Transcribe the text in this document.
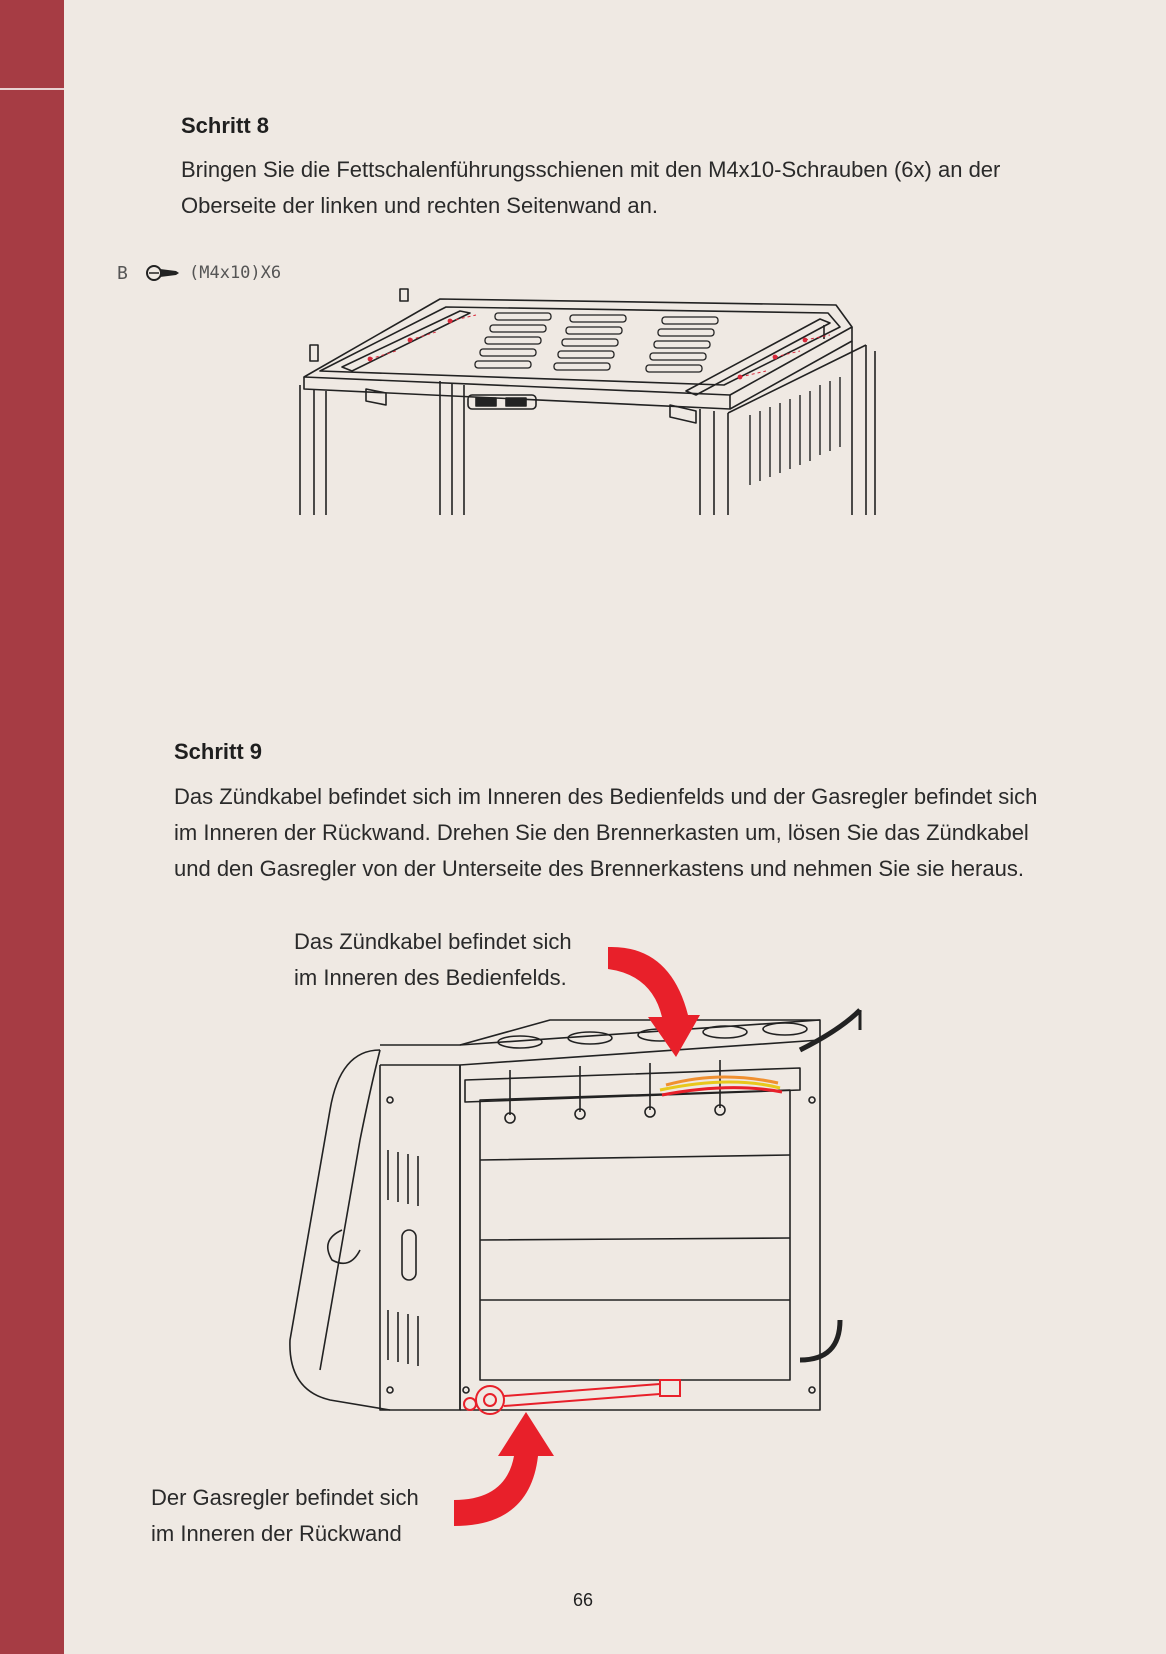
Schritt 8
Bringen Sie die Fettschalenführungsschienen mit den M4x10-Schrauben (6x) an der
Oberseite der linken und rechten Seitenwand an.
B	(M4x10)X6
Schritt 9
Das Zündkabel befindet sich im Inneren des Bedienfelds und der Gasregler befindet sich
im Inneren der Rückwand. Drehen Sie den Brennerkasten um, lösen Sie das Zündkabel
und den Gasregler von der Unterseite des Brennerkastens und nehmen Sie sie heraus.
Das Zündkabel befindet sich
im Inneren des Bedienfelds.
Der Gasregler befindet sich
im Inneren der Rückwand
66
